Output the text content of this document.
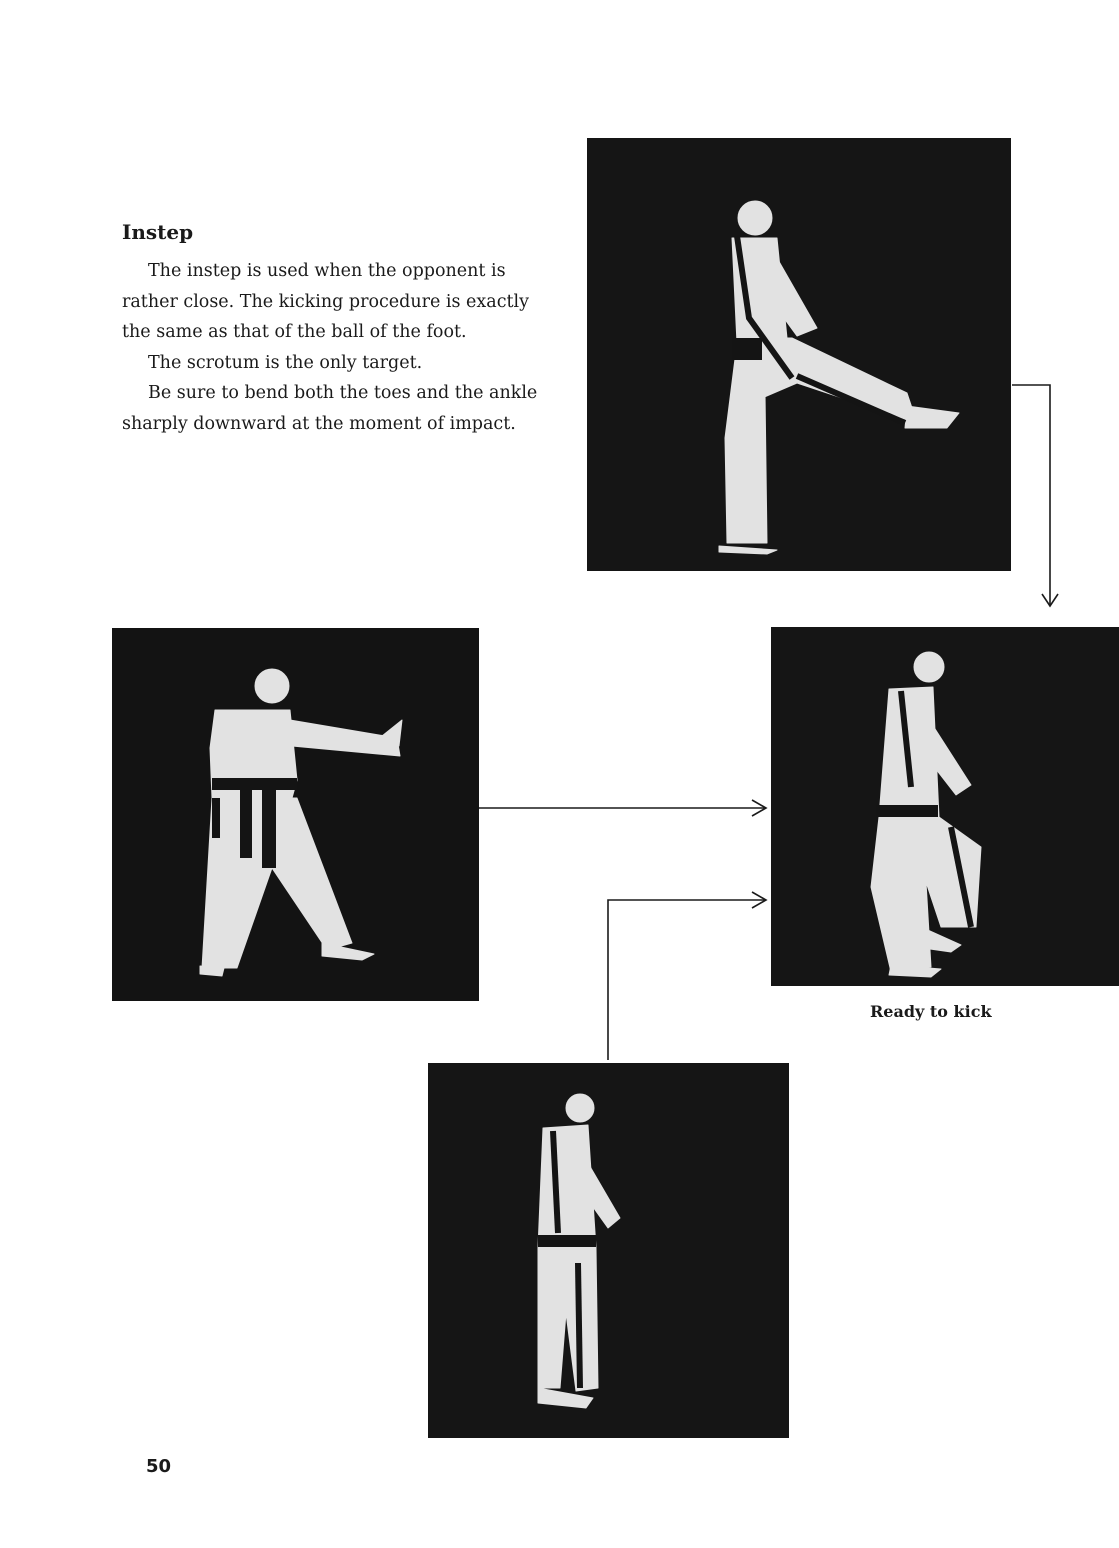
Instep

The instep is used when the opponent is rather close. The kicking procedure is exactly the same as that of the ball of the foot.

The scrotum is the only target.

Be sure to bend both the toes and the ankle sharply downward at the moment of impact.

Ready to kick

50
